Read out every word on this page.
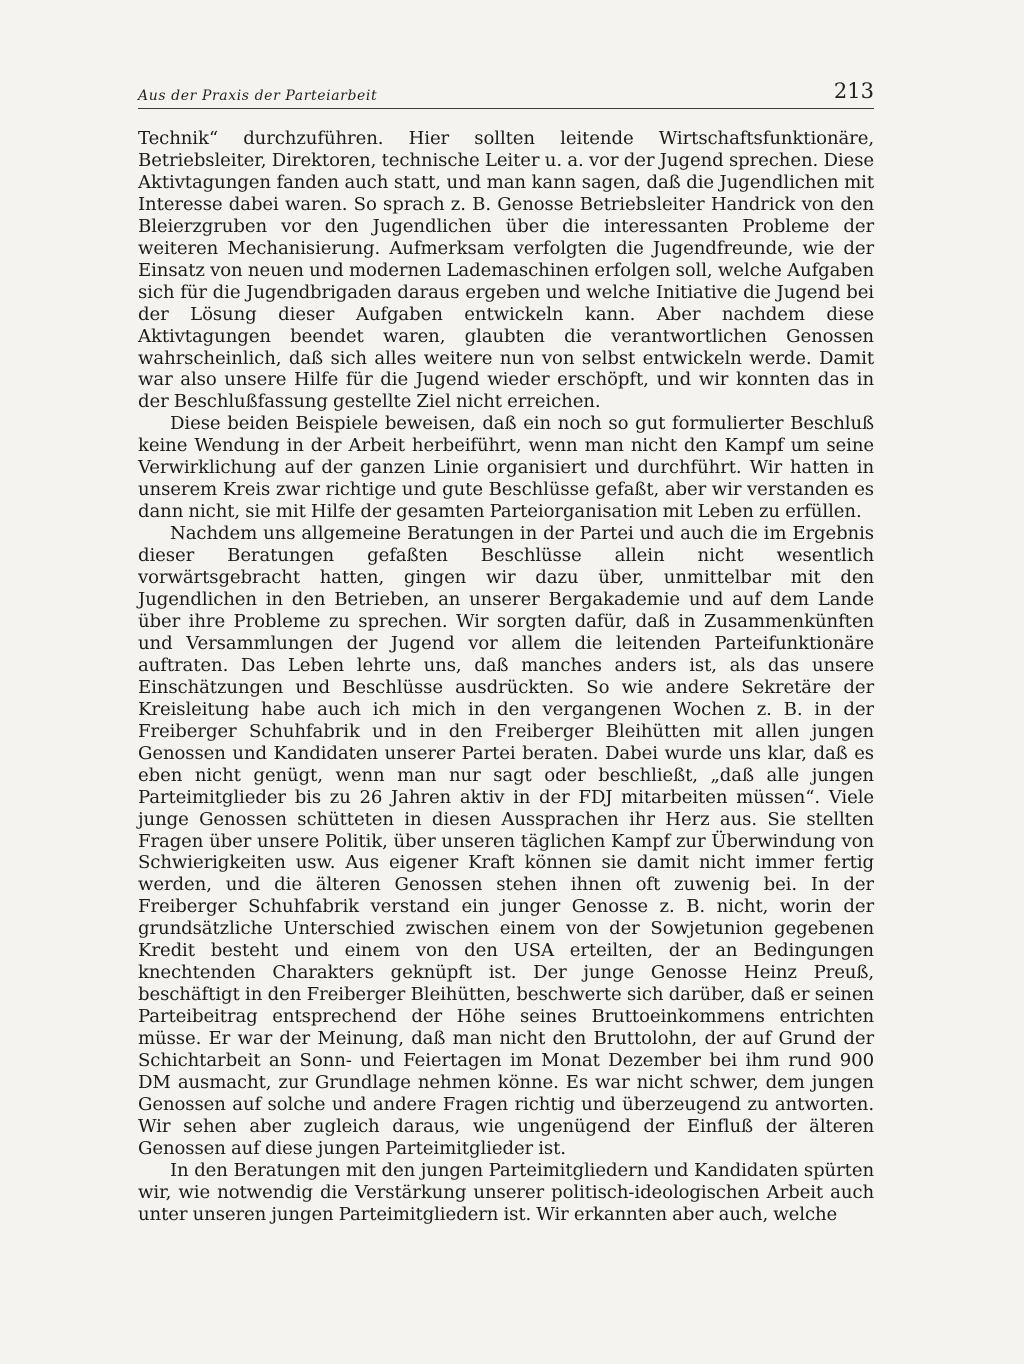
Aus der Praxis der Parteiarbeit	213

Technik“ durchzuführen. Hier sollten leitende Wirtschaftsfunktionäre, Betriebsleiter, Direktoren, technische Leiter u. a. vor der Jugend sprechen. Diese Aktivtagungen fanden auch statt, und man kann sagen, daß die Jugendlichen mit Interesse dabei waren. So sprach z. B. Genosse Betriebsleiter Handrick von den Bleierzgruben vor den Jugendlichen über die interessanten Probleme der weiteren Mechanisierung. Aufmerksam verfolgten die Jugendfreunde, wie der Einsatz von neuen und modernen Lademaschinen erfolgen soll, welche Aufgaben sich für die Jugendbrigaden daraus ergeben und welche Initiative die Jugend bei der Lösung dieser Aufgaben entwickeln kann. Aber nachdem diese Aktivtagungen beendet waren, glaubten die verantwortlichen Genossen wahrscheinlich, daß sich alles weitere nun von selbst entwickeln werde. Damit war also unsere Hilfe für die Jugend wieder erschöpft, und wir konnten das in der Beschlußfassung gestellte Ziel nicht erreichen.

Diese beiden Beispiele beweisen, daß ein noch so gut formulierter Beschluß keine Wendung in der Arbeit herbeiführt, wenn man nicht den Kampf um seine Verwirklichung auf der ganzen Linie organisiert und durchführt. Wir hatten in unserem Kreis zwar richtige und gute Beschlüsse gefaßt, aber wir verstanden es dann nicht, sie mit Hilfe der gesamten Parteiorganisation mit Leben zu erfüllen.

Nachdem uns allgemeine Beratungen in der Partei und auch die im Ergebnis dieser Beratungen gefaßten Beschlüsse allein nicht wesentlich vorwärtsgebracht hatten, gingen wir dazu über, unmittelbar mit den Jugendlichen in den Betrieben, an unserer Bergakademie und auf dem Lande über ihre Probleme zu sprechen. Wir sorgten dafür, daß in Zusammenkünften und Versammlungen der Jugend vor allem die leitenden Parteifunktionäre auftraten. Das Leben lehrte uns, daß manches anders ist, als das unsere Einschätzungen und Beschlüsse ausdrückten. So wie andere Sekretäre der Kreisleitung habe auch ich mich in den vergangenen Wochen z. B. in der Freiberger Schuhfabrik und in den Freiberger Bleihütten mit allen jungen Genossen und Kandidaten unserer Partei beraten. Dabei wurde uns klar, daß es eben nicht genügt, wenn man nur sagt oder beschließt, „daß alle jungen Parteimitglieder bis zu 26 Jahren aktiv in der FDJ mitarbeiten müssen“. Viele junge Genossen schütteten in diesen Aussprachen ihr Herz aus. Sie stellten Fragen über unsere Politik, über unseren täglichen Kampf zur Überwindung von Schwierigkeiten usw. Aus eigener Kraft können sie damit nicht immer fertig werden, und die älteren Genossen stehen ihnen oft zuwenig bei. In der Freiberger Schuhfabrik verstand ein junger Genosse z. B. nicht, worin der grundsätzliche Unterschied zwischen einem von der Sowjetunion gegebenen Kredit besteht und einem von den USA erteilten, der an Bedingungen knechtenden Charakters geknüpft ist. Der junge Genosse Heinz Preuß, beschäftigt in den Freiberger Bleihütten, beschwerte sich darüber, daß er seinen Parteibeitrag entsprechend der Höhe seines Bruttoeinkommens entrichten müsse. Er war der Meinung, daß man nicht den Bruttolohn, der auf Grund der Schichtarbeit an Sonn- und Feiertagen im Monat Dezember bei ihm rund 900 DM ausmacht, zur Grundlage nehmen könne. Es war nicht schwer, dem jungen Genossen auf solche und andere Fragen richtig und überzeugend zu antworten. Wir sehen aber zugleich daraus, wie ungenügend der Einfluß der älteren Genossen auf diese jungen Parteimitglieder ist.

In den Beratungen mit den jungen Parteimitgliedern und Kandidaten spürten wir, wie notwendig die Verstärkung unserer politisch-ideologischen Arbeit auch unter unseren jungen Parteimitgliedern ist. Wir erkannten aber auch, welche
